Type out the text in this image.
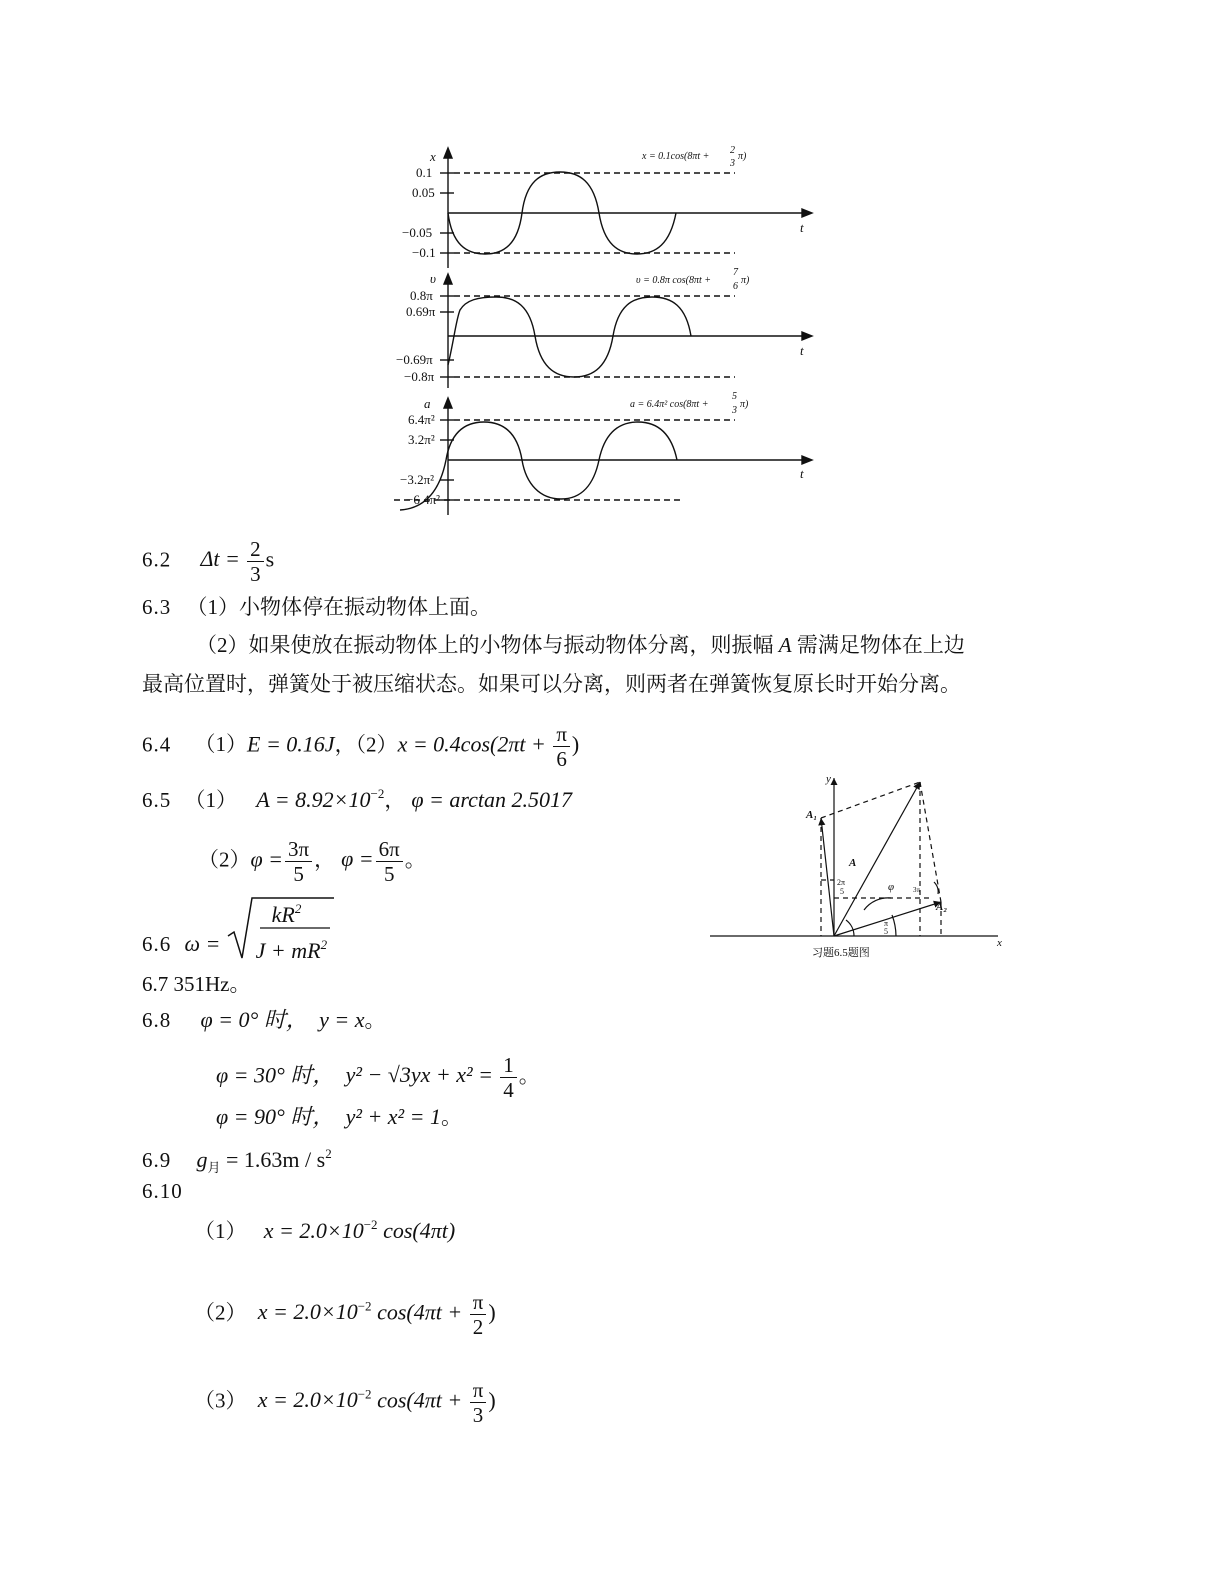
x
0.1
0.05
−0.05
−0.1
t
υ
0.8π
0.69π
−0.69π
−0.8π
t
a
6.4π²
3.2π²
−3.2π²
−6.4π²
t
x = 0.1cos(8πt +
2
3
π)
υ = 0.8π cos(8πt +
7
6
π)
a = 6.4π² cos(8πt +
5
3
π)
6.2 $\Delta t = \frac{2}{3}$ s
6.3 （1）小物体停在振动物体上面。
（2）如果使放在振动物体上的小物体与振动物体分离，则振幅 A 需满足物体在上边
最高位置时，弹簧处于被压缩状态。如果可以分离，则两者在弹簧恢复原长时开始分离。
6.4 （1）E = 0.16J，$(2)x = 0.4\cos(2\pi t + \frac{\pi}{6}$ )
6.5 （1） $A = 8.92\times 10^{-2}$， φ = arctan 2.5017
$(2)\varphi = \frac{3\pi}{5}$ ， $\varphi = \frac{6\pi}{5}$ 。
6.6 ω =
$kR^2$
$J + mR^2$
6.7 351Hz。
6.8 φ = 0° 时， y = x。
φ = 30° 时， $y^2 - √3yx + x^2 = \frac{1}{4}$ 。
φ = 90° 时， y² + x² = 1。
6.9 $g_月 = 1.63m / s^2$
6.10
（1） $x = 2.0\times 10^{-2}$ cos(4πt)
（2） $x = 2.0\times 10^{-2}$ $\cos(4\pi t + \frac{\pi}{2}$ )
（3） $x = 2.0\times 10^{-2}$ $\cos(4\pi t + \frac{\pi}{3}$ )
y
x
A₁
A₂
A
φ
2π
5
π
5
3π
习题6.5题图
